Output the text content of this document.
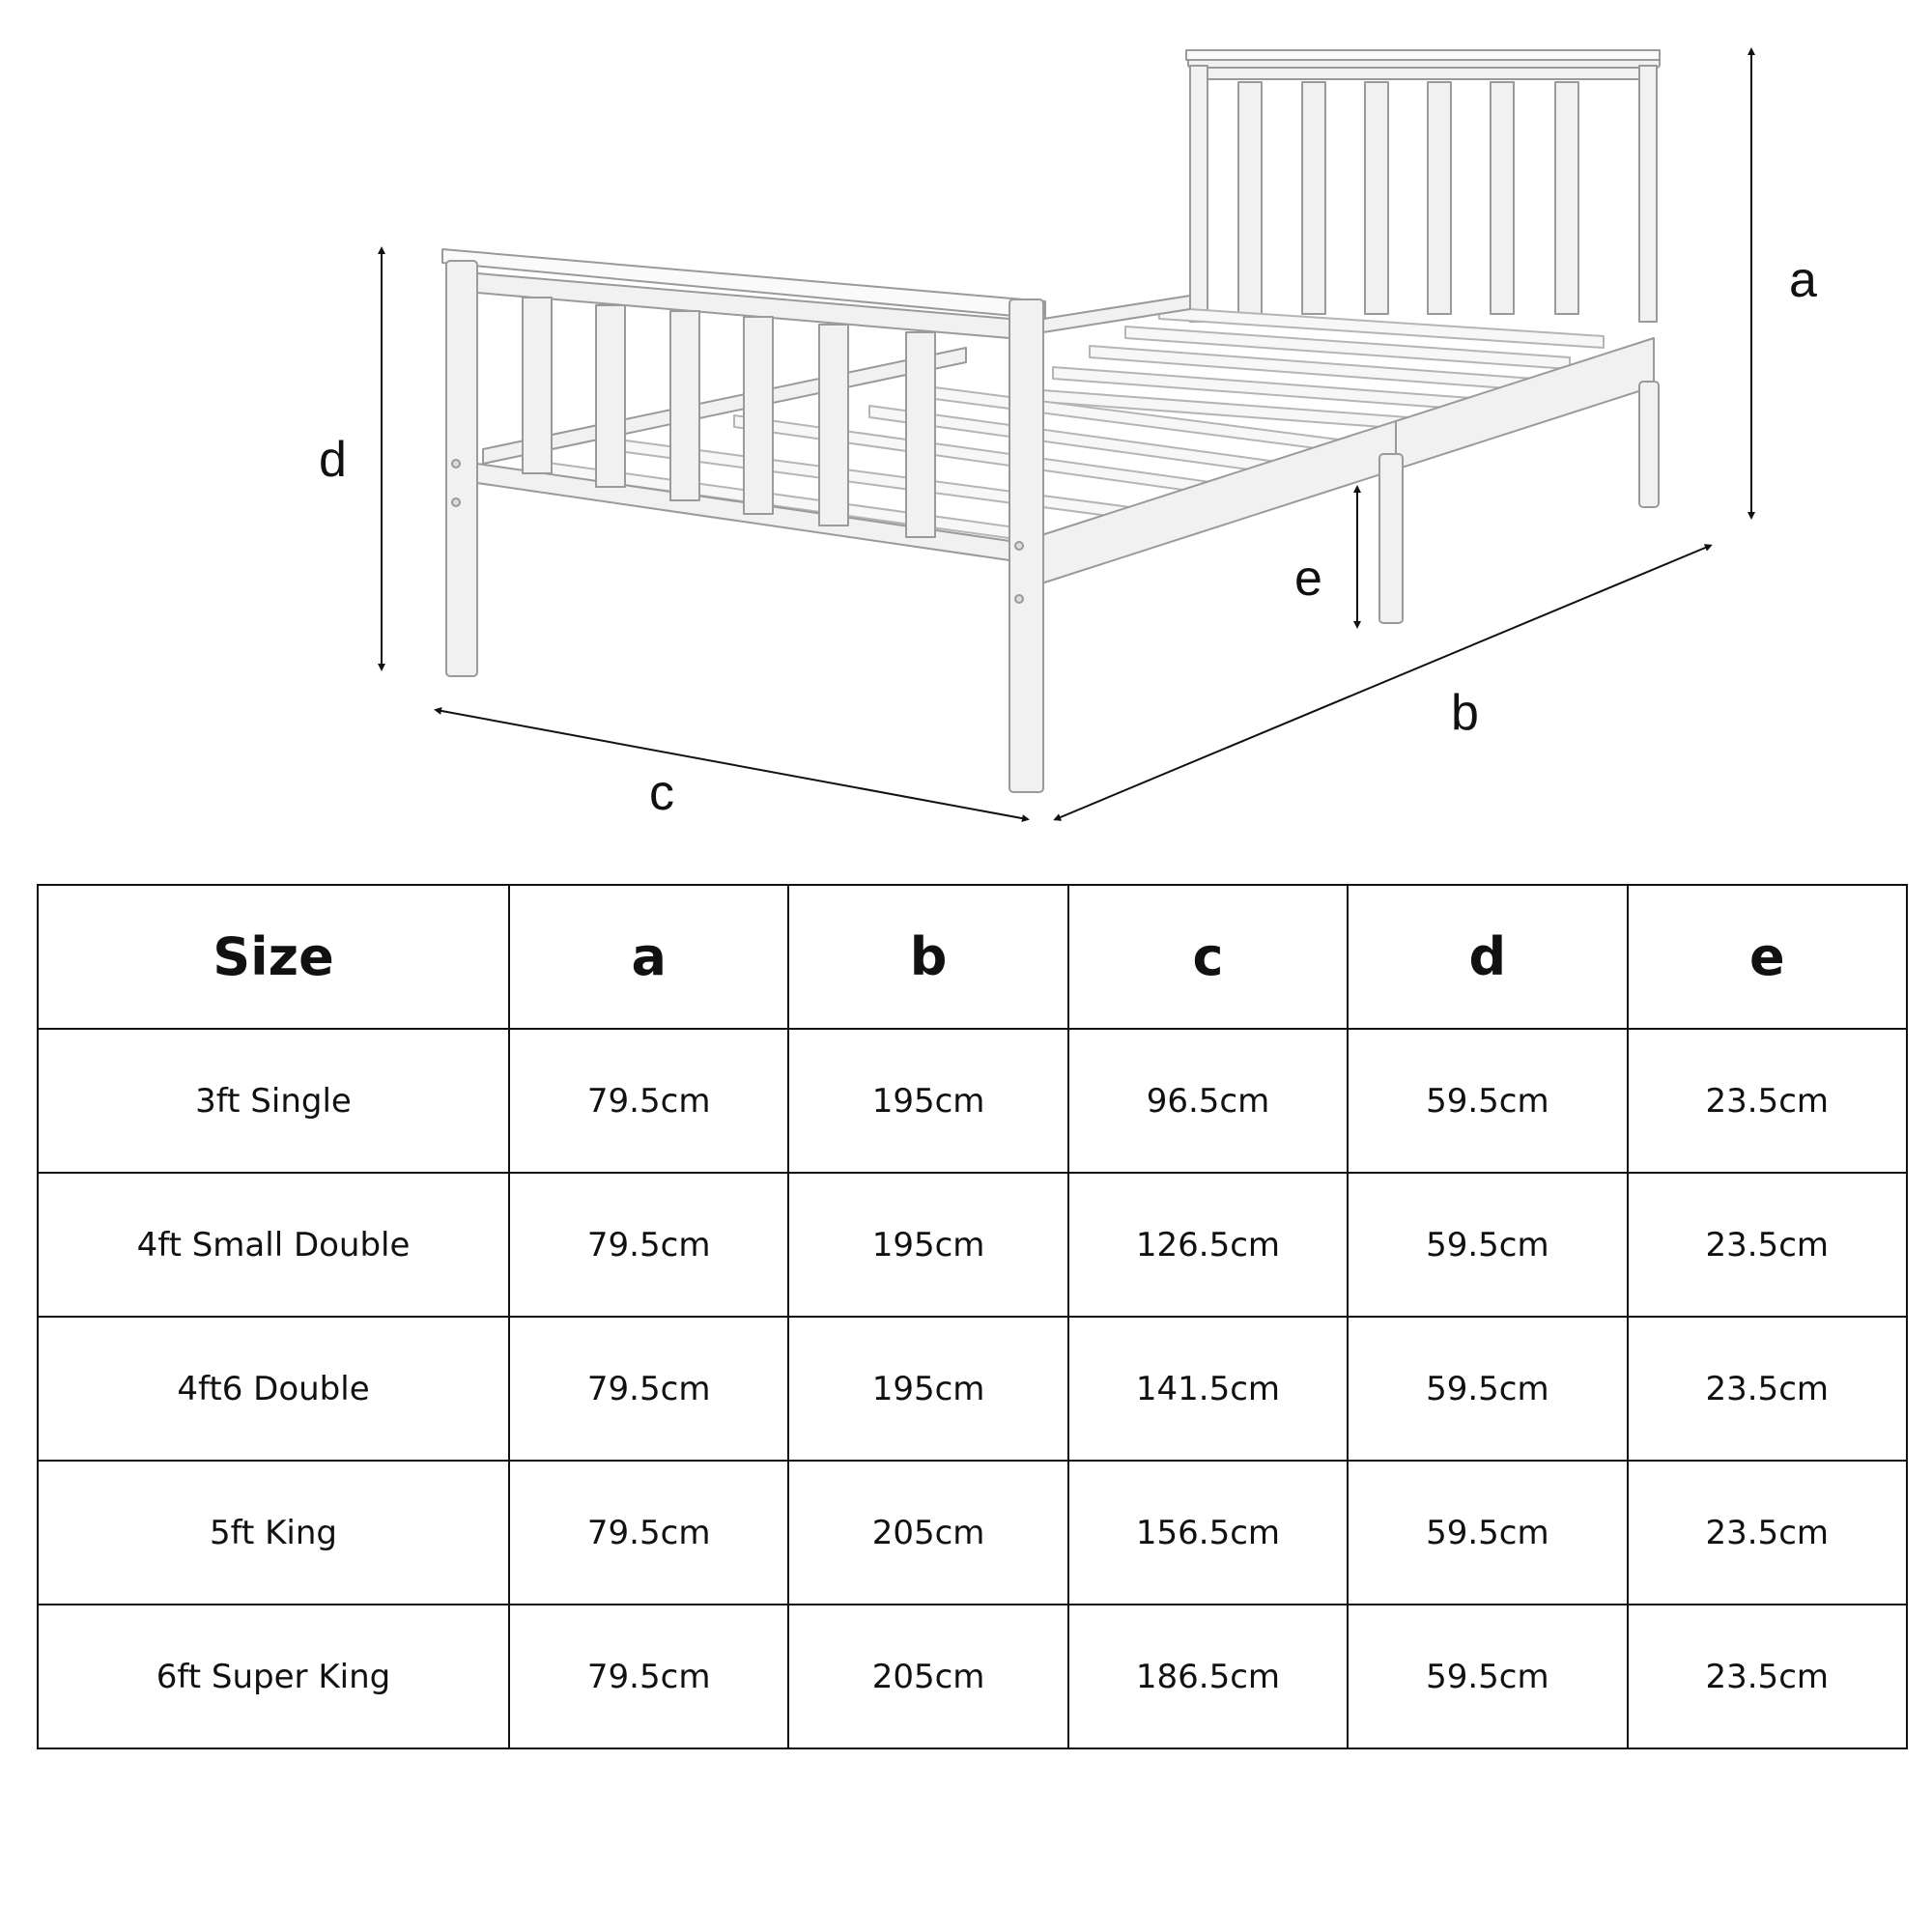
a
b
c
d
e
Size	a	b	c	d	e
3ft Single	79.5cm	195cm	96.5cm	59.5cm	23.5cm
4ft Small Double	79.5cm	195cm	126.5cm	59.5cm	23.5cm
4ft6 Double	79.5cm	195cm	141.5cm	59.5cm	23.5cm
5ft King	79.5cm	205cm	156.5cm	59.5cm	23.5cm
6ft Super King	79.5cm	205cm	186.5cm	59.5cm	23.5cm
